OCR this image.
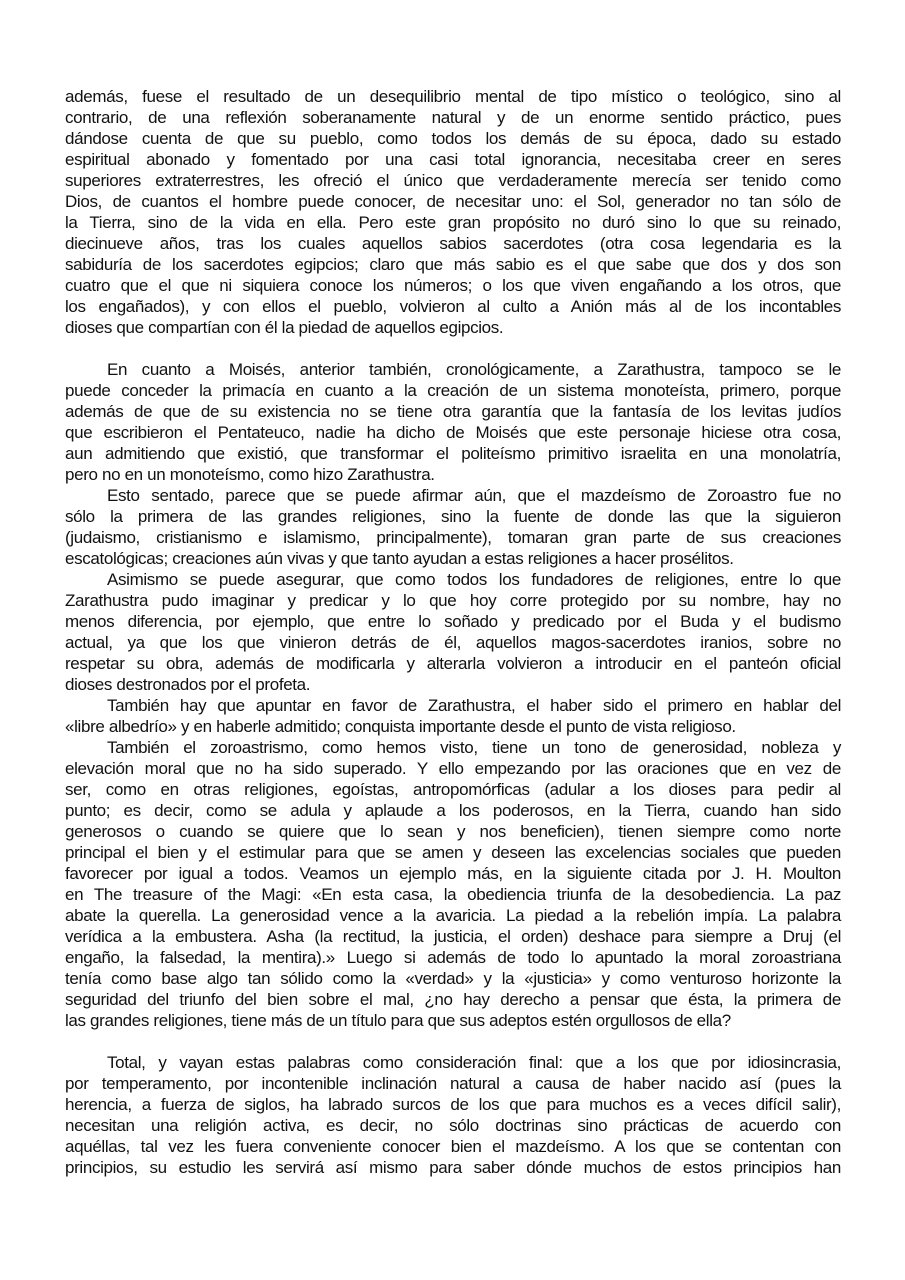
además, fuese el resultado de un desequilibrio mental de tipo místico o teológico, sino al
contrario, de una reflexión soberanamente natural y de un enorme sentido práctico, pues
dándose cuenta de que su pueblo, como todos los demás de su época, dado su estado
espiritual abonado y fomentado por una casi total ignorancia, necesitaba creer en seres
superiores extraterrestres, les ofreció el único que verdaderamente merecía ser tenido como
Dios, de cuantos el hombre puede conocer, de necesitar uno: el Sol, generador no tan sólo de
la Tierra, sino de la vida en ella. Pero este gran propósito no duró sino lo que su reinado,
diecinueve años, tras los cuales aquellos sabios sacerdotes (otra cosa legendaria es la
sabiduría de los sacerdotes egipcios; claro que más sabio es el que sabe que dos y dos son
cuatro que el que ni siquiera conoce los números; o los que viven engañando a los otros, que
los engañados), y con ellos el pueblo, volvieron al culto a Anión más al de los incontables
dioses que compartían con él la piedad de aquellos egipcios.
En cuanto a Moisés, anterior también, cronológicamente, a Zarathustra, tampoco se le
puede conceder la primacía en cuanto a la creación de un sistema monoteísta, primero, porque
además de que de su existencia no se tiene otra garantía que la fantasía de los levitas judíos
que escribieron el Pentateuco, nadie ha dicho de Moisés que este personaje hiciese otra cosa,
aun admitiendo que existió, que transformar el politeísmo primitivo israelita en una monolatría,
pero no en un monoteísmo, como hizo Zarathustra.
Esto sentado, parece que se puede afirmar aún, que el mazdeísmo de Zoroastro fue no
sólo la primera de las grandes religiones, sino la fuente de donde las que la siguieron
(judaismo, cristianismo e islamismo, principalmente), tomaran gran parte de sus creaciones
escatológicas; creaciones aún vivas y que tanto ayudan a estas religiones a hacer prosélitos.
Asimismo se puede asegurar, que como todos los fundadores de religiones, entre lo que
Zarathustra pudo imaginar y predicar y lo que hoy corre protegido por su nombre, hay no
menos diferencia, por ejemplo, que entre lo soñado y predicado por el Buda y el budismo
actual, ya que los que vinieron detrás de él, aquellos magos-sacerdotes iranios, sobre no
respetar su obra, además de modificarla y alterarla volvieron a introducir en el panteón oficial
dioses destronados por el profeta.
También hay que apuntar en favor de Zarathustra, el haber sido el primero en hablar del
«libre albedrío» y en haberle admitido; conquista importante desde el punto de vista religioso.
También el zoroastrismo, como hemos visto, tiene un tono de generosidad, nobleza y
elevación moral que no ha sido superado. Y ello empezando por las oraciones que en vez de
ser, como en otras religiones, egoístas, antropomórficas (adular a los dioses para pedir al
punto; es decir, como se adula y aplaude a los poderosos, en la Tierra, cuando han sido
generosos o cuando se quiere que lo sean y nos beneficien), tienen siempre como norte
principal el bien y el estimular para que se amen y deseen las excelencias sociales que pueden
favorecer por igual a todos. Veamos un ejemplo más, en la siguiente citada por J. H. Moulton
en The treasure of the Magi: «En esta casa, la obediencia triunfa de la desobediencia. La paz
abate la querella. La generosidad vence a la avaricia. La piedad a la rebelión impía. La palabra
verídica a la embustera. Asha (la rectitud, la justicia, el orden) deshace para siempre a Druj (el
engaño, la falsedad, la mentira).» Luego si además de todo lo apuntado la moral zoroastriana
tenía como base algo tan sólido como la «verdad» y la «justicia» y como venturoso horizonte la
seguridad del triunfo del bien sobre el mal, ¿no hay derecho a pensar que ésta, la primera de
las grandes religiones, tiene más de un título para que sus adeptos estén orgullosos de ella?
Total, y vayan estas palabras como consideración final: que a los que por idiosincrasia,
por temperamento, por incontenible inclinación natural a causa de haber nacido así (pues la
herencia, a fuerza de siglos, ha labrado surcos de los que para muchos es a veces difícil salir),
necesitan una religión activa, es decir, no sólo doctrinas sino prácticas de acuerdo con
aquéllas, tal vez les fuera conveniente conocer bien el mazdeísmo. A los que se contentan con
principios, su estudio les servirá así mismo para saber dónde muchos de estos principios han
